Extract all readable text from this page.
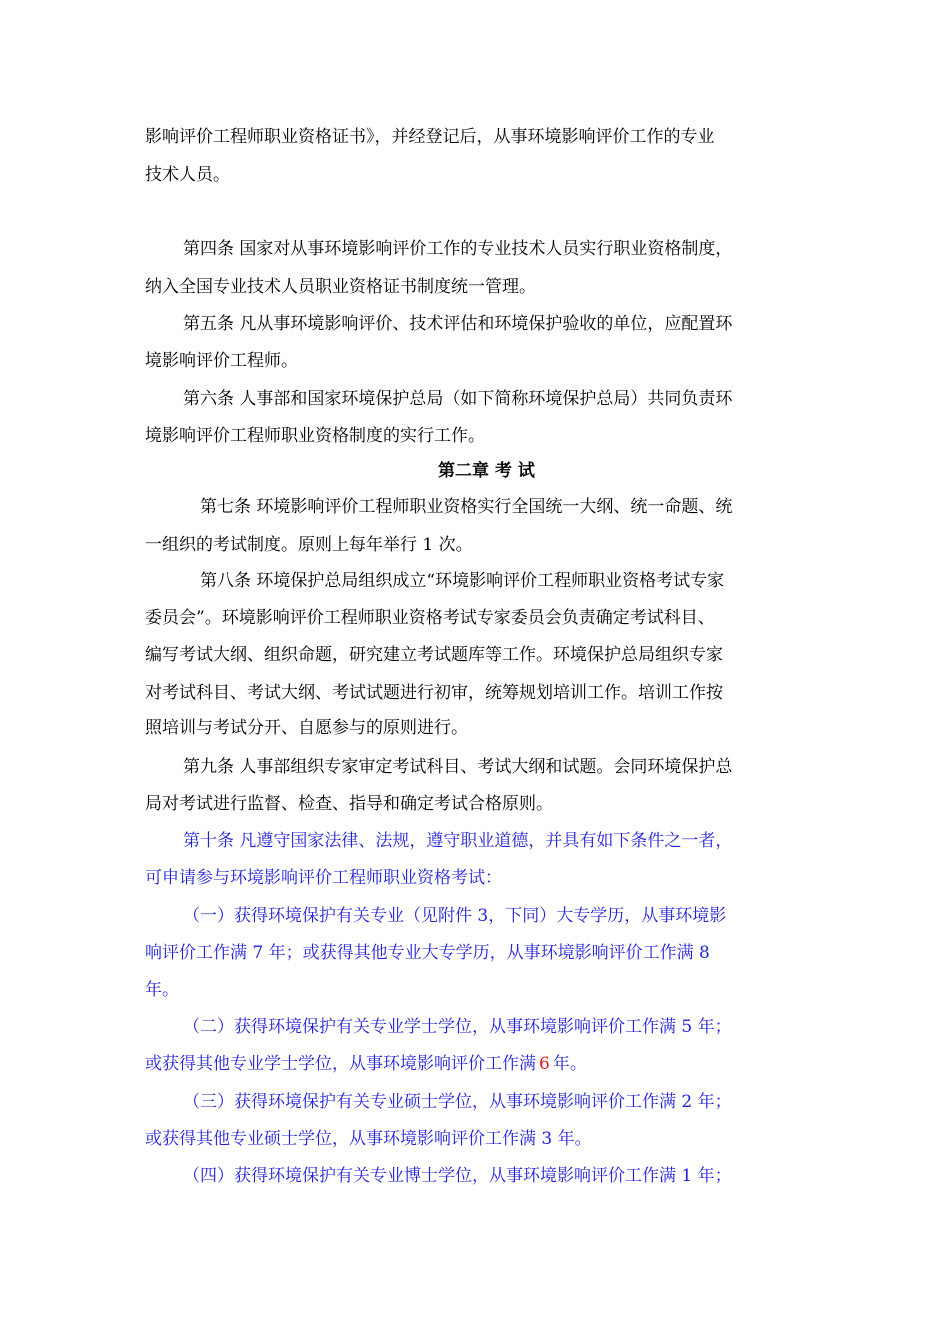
影响评价工程师职业资格证书》，并经登记后，从事环境影响评价工作的专业
技术人员。
第四条 国家对从事环境影响评价工作的专业技术人员实行职业资格制度，
纳入全国专业技术人员职业资格证书制度统一管理。
第五条 凡从事环境影响评价、技术评估和环境保护验收的单位，应配置环
境影响评价工程师。
第六条 人事部和国家环境保护总局（如下简称环境保护总局）共同负责环
境影响评价工程师职业资格制度的实行工作。
第二章 考 试
第七条 环境影响评价工程师职业资格实行全国统一大纲、统一命题、统
一组织的考试制度。原则上每年举行 1 次。
第八条 环境保护总局组织成立“环境影响评价工程师职业资格考试专家
委员会”。环境影响评价工程师职业资格考试专家委员会负责确定考试科目、
编写考试大纲、组织命题，研究建立考试题库等工作。环境保护总局组织专家
对考试科目、考试大纲、考试试题进行初审，统筹规划培训工作。培训工作按
照培训与考试分开、自愿参与的原则进行。
第九条 人事部组织专家审定考试科目、考试大纲和试题。会同环境保护总
局对考试进行监督、检查、指导和确定考试合格原则。
第十条 凡遵守国家法律、法规，遵守职业道德，并具有如下条件之一者，
可申请参与环境影响评价工程师职业资格考试：
（一）获得环境保护有关专业（见附件 3，下同）大专学历，从事环境影
响评价工作满 7 年；或获得其他专业大专学历，从事环境影响评价工作满 8
年。
（二）获得环境保护有关专业学士学位，从事环境影响评价工作满 5 年；
或获得其他专业学士学位，从事环境影响评价工作满 6 年。
（三）获得环境保护有关专业硕士学位，从事环境影响评价工作满 2 年；
或获得其他专业硕士学位，从事环境影响评价工作满 3 年。
（四）获得环境保护有关专业博士学位，从事环境影响评价工作满 1 年；
